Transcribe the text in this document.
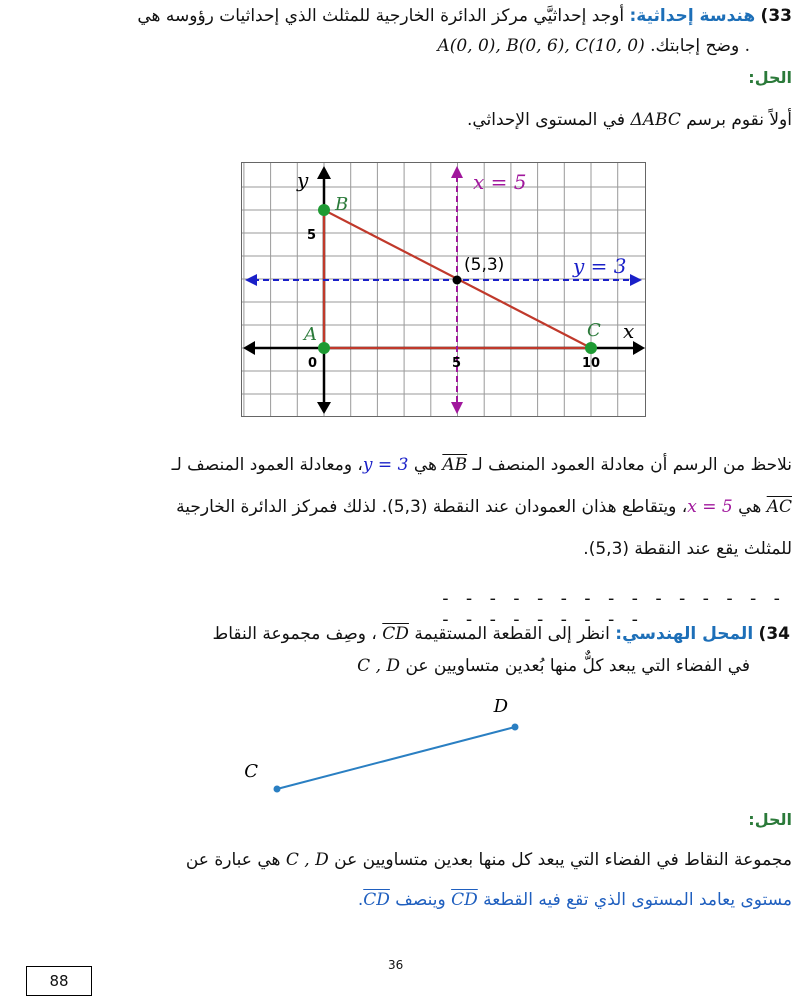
33) هندسة إحداثية: أوجد إحداثيَّي مركز الدائرة الخارجية للمثلث الذي إحداثيات رؤوسه هي
. وضح إجابتك. A(0, 0), B(0, 6), C(10, 0)
الحل:
أولاً نقوم برسم ΔABC في المستوى الإحداثي.
y
x
0	5	10
5
A
B
C
(5,3)
x = 5
y = 3
نلاحظ من الرسم أن معادلة العمود المنصف لـ AB هي y = 3، ومعادلة العمود المنصف لـ
AC هي x = 5، ويتقاطع هذان العمودان عند النقطة (5,3). لذلك فمركز الدائرة الخارجية
للمثلث يقع عند النقطة (5,3).
- - - - - - - - - - - - - - - - - - - - - - - -
34) المحل الهندسي: انظر إلى القطعة المستقيمة CD ، وصِف مجموعة النقاط
في الفضاء التي يبعد كلٌّ منها بُعدين متساويين عن C , D
C
D
الحل:
مجموعة النقاط في الفضاء التي يبعد كل منها بعدين متساويين عن C , D هي عبارة عن
مستوى يعامد المستوى الذي تقع فيه القطعة CD وينصف CD.
36
88
